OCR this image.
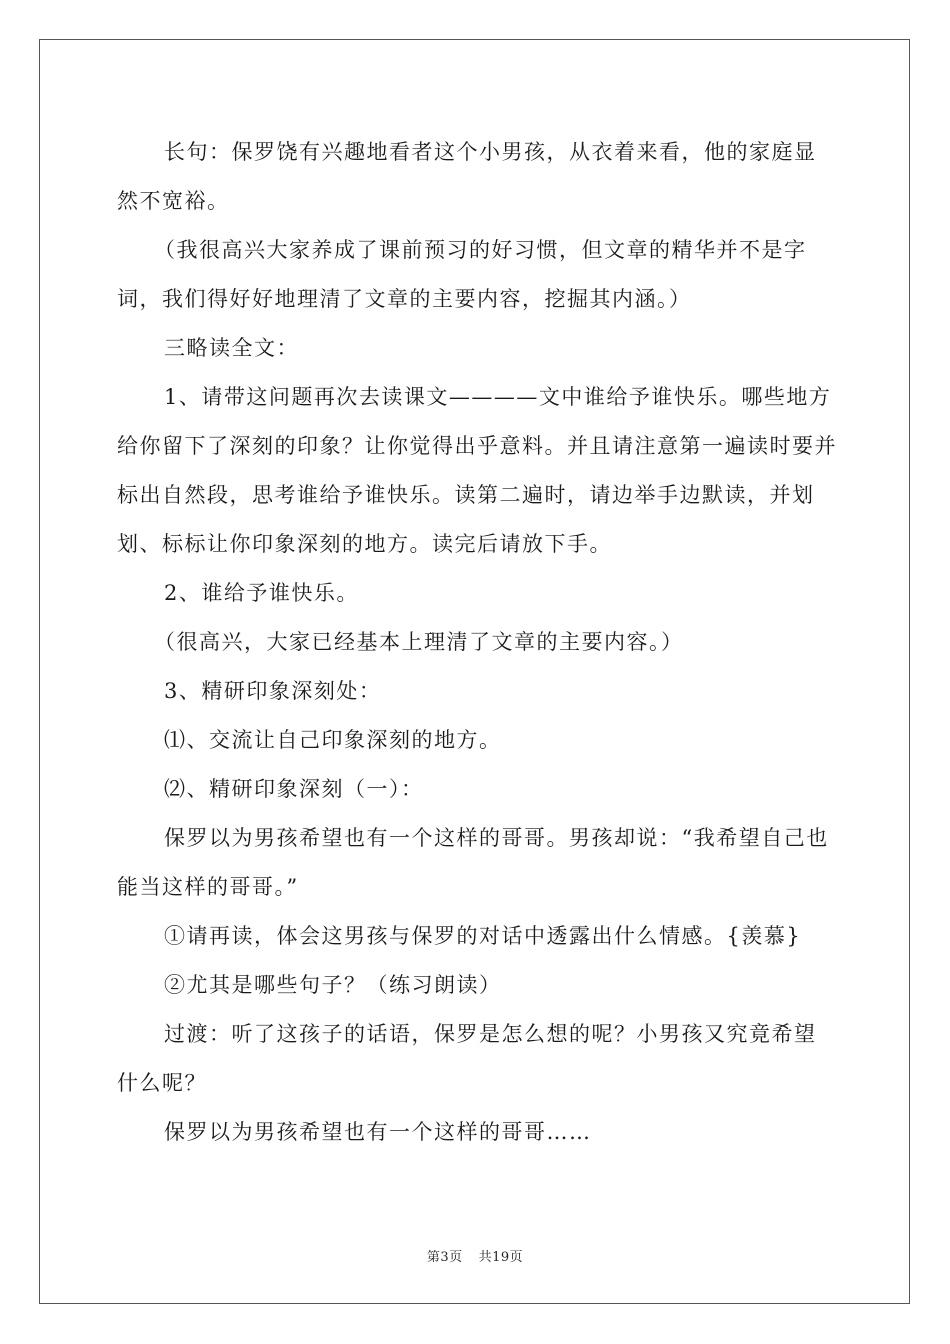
长句：保罗饶有兴趣地看者这个小男孩，从衣着来看，他的家庭显然不宽裕。

（我很高兴大家养成了课前预习的好习惯，但文章的精华并不是字词，我们得好好地理清了文章的主要内容，挖掘其内涵。）

三略读全文：

1、请带这问题再次去读课文————文中谁给予谁快乐。哪些地方给你留下了深刻的印象？让你觉得出乎意料。并且请注意第一遍读时要并标出自然段，思考谁给予谁快乐。读第二遍时，请边举手边默读，并划划、标标让你印象深刻的地方。读完后请放下手。

2、谁给予谁快乐。

（很高兴，大家已经基本上理清了文章的主要内容。）

3、精研印象深刻处：

⑴、交流让自己印象深刻的地方。

⑵、精研印象深刻（一）：

保罗以为男孩希望也有一个这样的哥哥。男孩却说：“我希望自己也能当这样的哥哥。”

①请再读，体会这男孩与保罗的对话中透露出什么情感。{羡慕}

②尤其是哪些句子？（练习朗读）

过渡：听了这孩子的话语，保罗是怎么想的呢？小男孩又究竟希望什么呢？

保罗以为男孩希望也有一个这样的哥哥……

第3页 共19页
